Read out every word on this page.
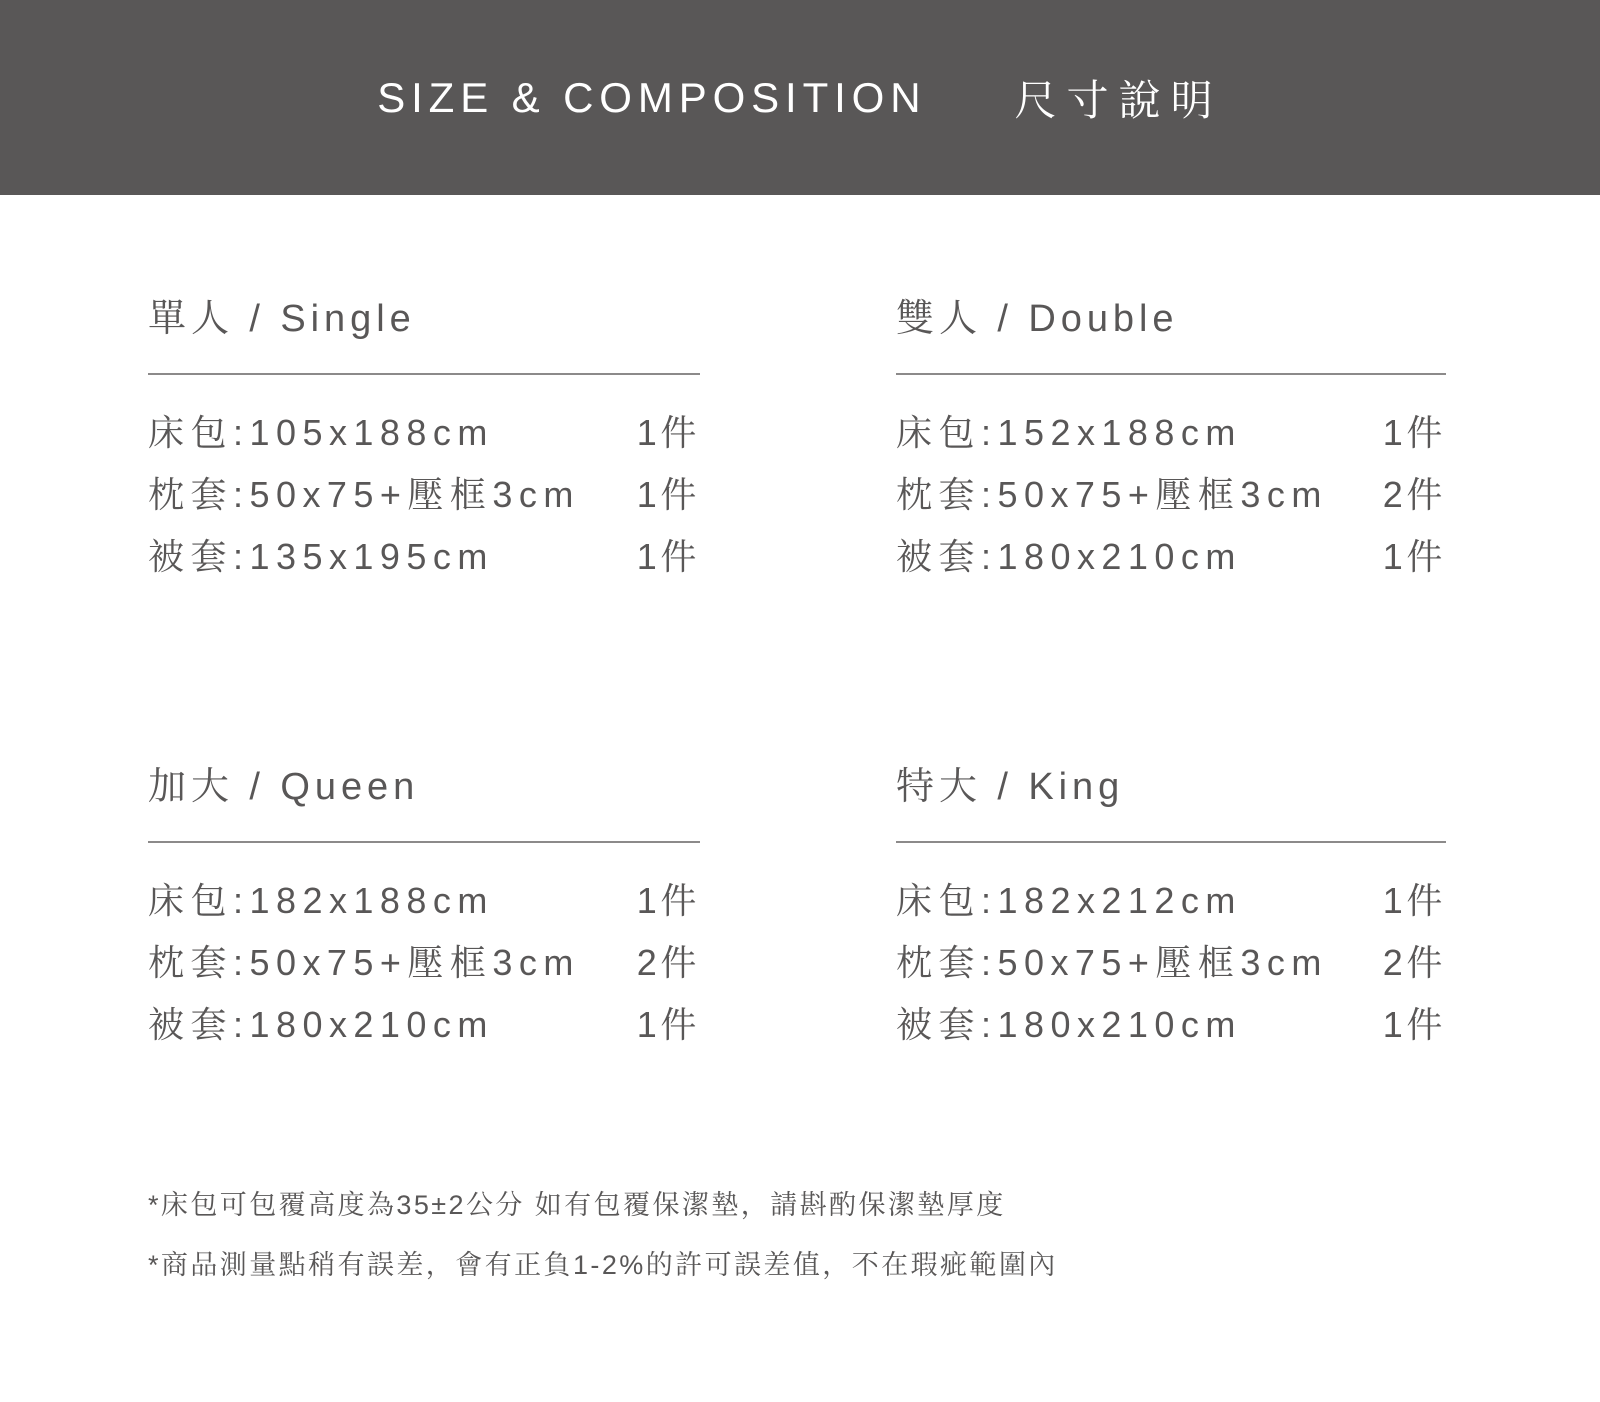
SIZE & COMPOSITION 尺寸說明
單人 / Single
床包:105x188cm	1件
枕套:50x75+壓框3cm 1件
被套:135x195cm	1件
雙人 / Double
床包:152x188cm	1件
枕套:50x75+壓框3cm 2件
被套:180x210cm	1件
加大 / Queen
床包:182x188cm	1件
枕套:50x75+壓框3cm 2件
被套:180x210cm	1件
特大 / King
床包:182x212cm	1件
枕套:50x75+壓框3cm 2件
被套:180x210cm	1件

*床包可包覆高度為35±2公分 如有包覆保潔墊，請斟酌保潔墊厚度

*商品測量點稍有誤差，會有正負1-2%的許可誤差值，不在瑕疵範圍內
